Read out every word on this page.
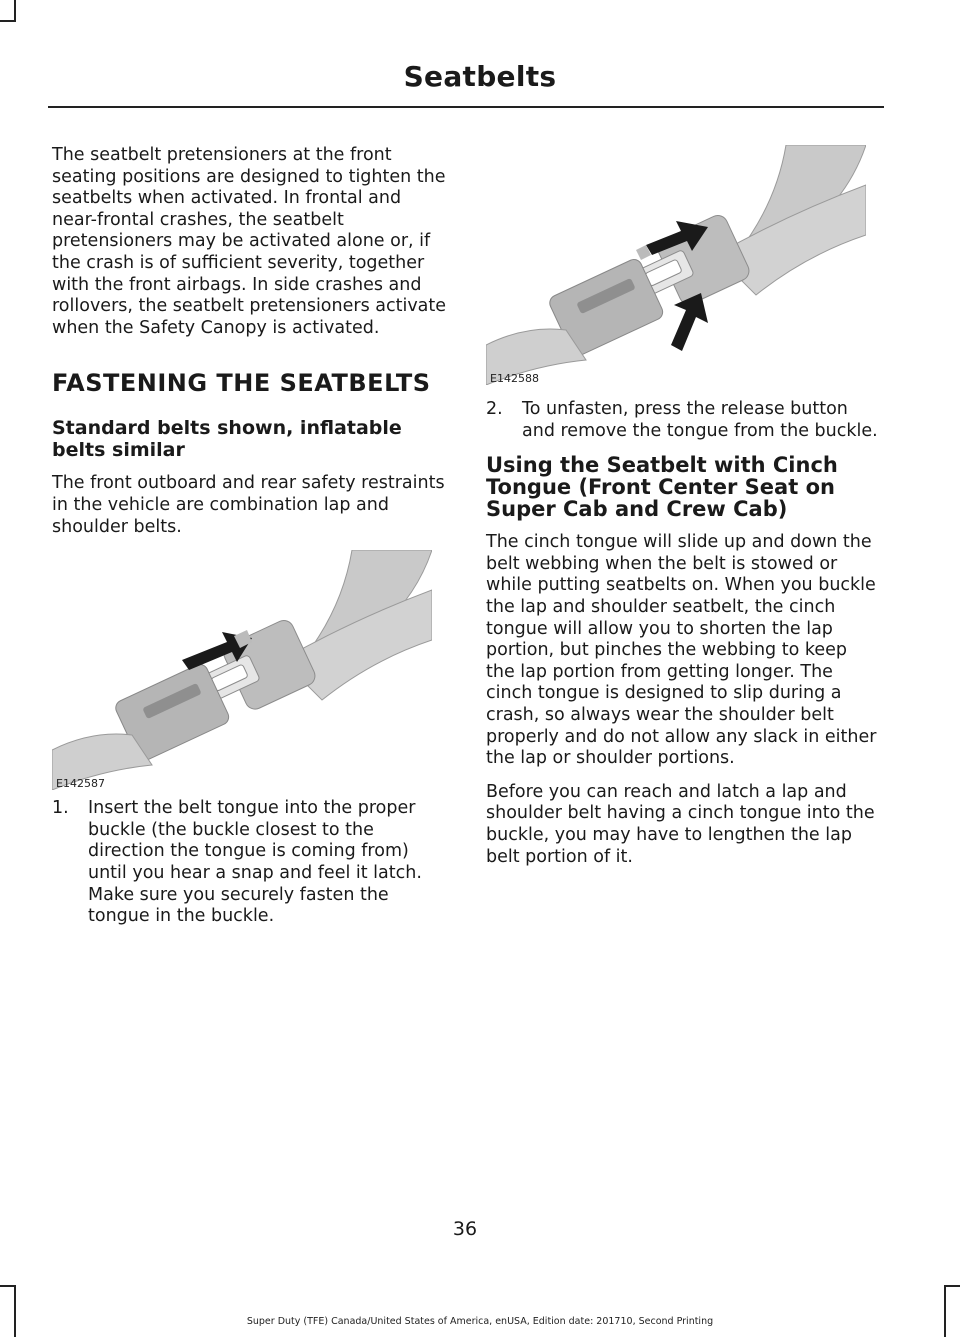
Seatbelts

The seatbelt pretensioners at the front seating positions are designed to tighten the seatbelts when activated. In frontal and near-frontal crashes, the seatbelt pretensioners may be activated alone or, if the crash is of sufficient severity, together with the front airbags. In side crashes and rollovers, the seatbelt pretensioners activate when the Safety Canopy is activated.

FASTENING THE SEATBELTS
Standard belts shown, inflatable belts similar

The front outboard and rear safety restraints in the vehicle are combination lap and shoulder belts.

E142587
1.	Insert the belt tongue into the proper buckle (the buckle closest to the direction the tongue is coming from) until you hear a snap and feel it latch. Make sure you securely fasten the tongue in the buckle.
E142588
2.	To unfasten, press the release button and remove the tongue from the buckle.
Using the Seatbelt with Cinch Tongue (Front Center Seat on Super Cab and Crew Cab)

The cinch tongue will slide up and down the belt webbing when the belt is stowed or while putting seatbelts on. When you buckle the lap and shoulder seatbelt, the cinch tongue will allow you to shorten the lap portion, but pinches the webbing to keep the lap portion from getting longer. The cinch tongue is designed to slip during a crash, so always wear the shoulder belt properly and do not allow any slack in either the lap or shoulder portions.

Before you can reach and latch a lap and shoulder belt having a cinch tongue into the buckle, you may have to lengthen the lap belt portion of it.

36
Super Duty (TFE) Canada/United States of America, enUSA, Edition date: 201710, Second Printing
